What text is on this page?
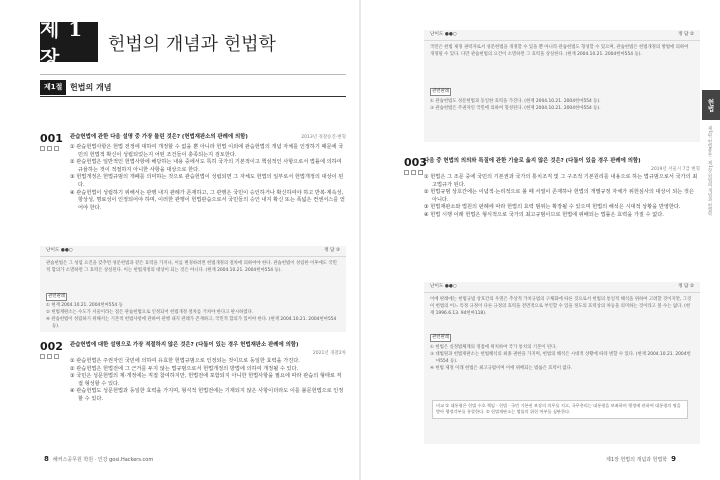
제 1 장
헌법의 개념과 헌법학
제1절 헌법의 개념
001 관습헌법에 관한 다음 설명 중 가장 틀린 것은? (헌법재판소의 판례에 의함)	2013년 경찰승진·변형
① 관습헌법사항은 헌법 전정에 대하여 개정할 수 없을 뿐 아니라 헌법 이외에 관습헌법의 개념 자체를 인정하기 때문에 국민의 헌법적 확신이 성립되었는지 어떤 조건들이 충족되는지 검토한다.
② 관습헌법은 일반적인 헌법사항에 해당하는 내용 중에서도 특히 국가의 기본적이고 핵심적인 사항으로서 법률에 의하여 규율하는 것이 적절하지 아니한 사항을 대상으로 한다.
③ 헌법개정은 헌법규범의 개폐를 의미하는 것으로 관습헌법이 성립되면 그 자체도 헌법의 일부로서 헌법개정의 대상이 된다.
④ 관습헌법이 성립하기 위해서는 관행 내지 관례가 존재하고, 그 관행은 국민이 승인하거나 확신하여야 하고 반복·계속성, 항상성, 명료성이 인정되어야 하며, 이러한 관행이 헌법관습으로서 국민들의 승인 내지 확신 또는 폭넓은 컨센서스를 얻어야 한다.
난이도 ●●○	정 답 ③
관습헌법은 그 성립 요건을 갖추면 성문헌법과 같은 효력을 가지나, 이를 변경하려면 헌법개정의 절차에 의하여야 한다. 관습헌법이 성립한 이후에도 국민적 합의가 소멸하면 그 효력은 상실된다. 이는 헌법개정의 대상이 되는 것은 아니다. (현재 2004.10.21. 2004헌마554 등).
관련판례
① 현재 2004.10.21. 2004헌마554 등
② 헌법재판소는 수도가 서울이라는 점은 관습헌법으로 인정되어 헌법개정 절차를 거쳐야 한다고 판시하였다.
④ 관습헌법이 성립하기 위해서는 기본적 헌법사항에 관하여 관행 내지 관례가 존재하고, 국민적 합의가 있어야 한다. (현재 2004.10.21. 2004헌마554 등).
002 관습헌법에 대한 설명으로 가장 적절하지 않은 것은? (다툼이 있는 경우 헌법재판소 판례에 의함)
2021년 경찰2차
① 관습헌법은 주권자인 국민에 의하여 유효한 헌법규범으로 인정되는 것이므로 동일한 효력을 가진다.
② 관습헌법은 헌법전에 그 근거를 두지 않는 법규범으로서 헌법개정의 방법에 의하여 개정될 수 있다.
③ 국민은 성문헌법의 제·개정에는 직접 참여하지만, 헌법전에 포함되지 아니한 헌법사항을 필요에 따라 관습의 형태로 직접 형성할 수 있다.
④ 관습헌법도 성문헌법과 동일한 효력을 가지며, 형식적 헌법전에는 기재되지 않은 사항이더라도 이를 불문헌법으로 인정할 수 있다.
8 해커스공무원 학원 · 인강 gosi.Hackers.com
난이도 ●●○	정 답 ②
국민은 헌법 제정 권력자로서 성문헌법을 개정할 수 있을 뿐 아니라 관습헌법도 형성할 수 있으며, 관습헌법은 헌법개정의 방법에 의하여 개정될 수 있다. 다만 관습헌법의 요건이 소멸하면 그 효력을 상실한다. (현재 2004.10.21. 2004헌마554 등).
관련판례
① 관습헌법도 성문헌법과 동일한 효력을 가진다. (현재 2004.10.21. 2004헌마554 등).
③ 관습헌법은 주권자인 국민에 의하여 형성된다. (현재 2004.10.21. 2004헌마554 등).
003
다음 중 헌법의 의의와 특질에 관한 기술로 옳지 않은 것은? (다툼이 있을 경우 판례에 의함)
2019년 서울시 7급 변형
① 헌법은 그 조문 중에 국민의 기본권과 국가의 통치조직 및 그 구조적 기본원리를 내용으로 하는 법규범으로서 국가의 최고법규가 된다.
② 헌법규범 상호간에는 이념적·논리적으로 볼 때 서열이 존재하나 헌법의 개별규정 자체가 위헌심사의 대상이 되는 것은 아니다.
③ 헌법재판소와 법원의 판례에 따라 헌법의 효력 범위는 확장될 수 있으며 헌법의 해석은 시대적 상황을 반영한다.
④ 헌법 시행 이래 헌법은 형식적으로 국가의 최고규범이므로 헌법에 위배되는 법률은 효력을 가질 수 없다.
난이도 ●●○	정 답 ②
이에 판례에는 헌법규범 상호간의 우열은 추상적 가치규범의 구체화에 따른 것으로서 헌법의 통일적 해석을 위하여 고려할 것이지만, 그것이 헌법의 어느 특정 규정이 다른 규정의 효력을 전면적으로 부인할 수 있을 정도의 효력상의 차등을 의미하는 것이라고 볼 수는 없다. (현재 1996.6.13. 94헌마118).
관련판례
① 헌법은 실정법체계의 정점에 위치하여 국가 통치의 기본이 된다.
③ 대법원과 헌법재판소는 헌법해석의 최종 권한을 가지며, 헌법의 해석은 시대적 상황에 따라 변할 수 있다. (현재 2004.10.21. 2004헌마554 등).
④ 헌법 제정 이래 헌법은 최고규범이며 이에 위배되는 법률은 효력이 없다.
비교 ① 대통령은 헌법 수호 책임 · 헌법 · 국민 기본권 보장의 의무를 지고, 국무총리는 대통령을 보좌하며 행정에 관하여 대통령의 명을 받아 행정각부를 통할한다. ② 헌법재판소는 법률의 위헌 여부를 심판한다.
제1장 헌법의 개념과 헌법학 9
헌법
제1편 헌법총론 · 제1장 헌법의 개념과 헌법학
